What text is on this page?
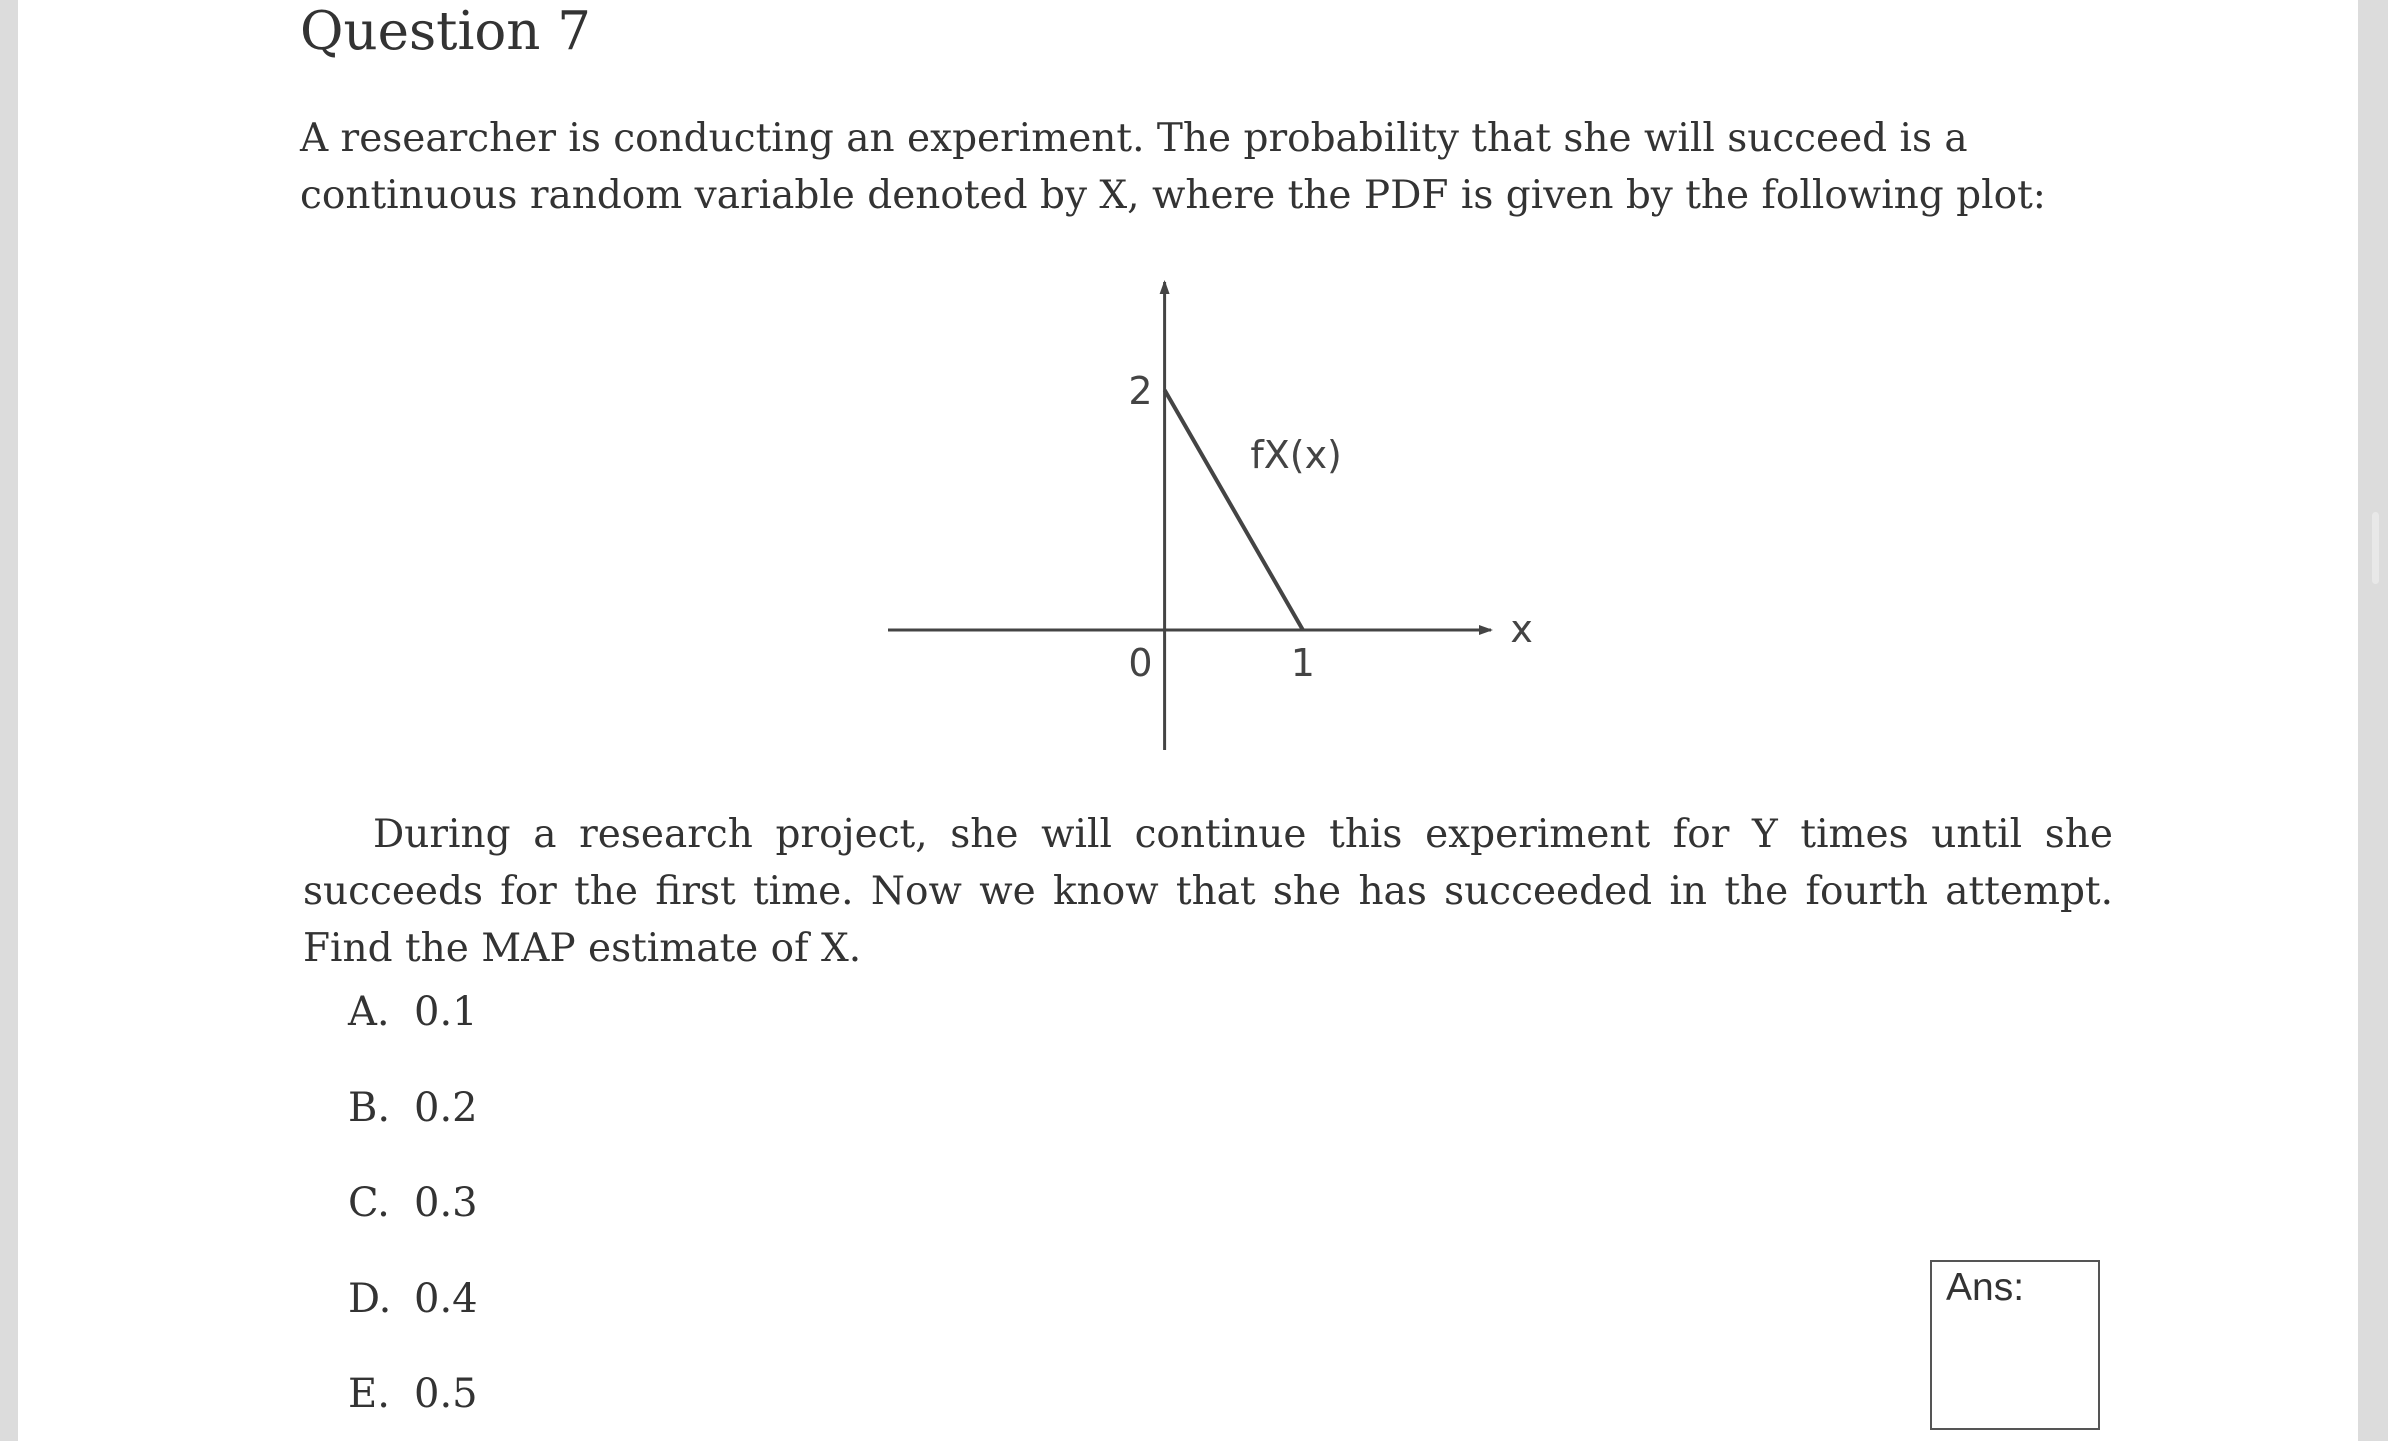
Question 7

A researcher is conducting an experiment. The probability that she will succeed is a continuous random variable denoted by X, where the PDF is given by the following plot:

2
0	1
x
fX(x)

During a research project, she will continue this experiment for Y times until she succeeds for the first time. Now we know that she has succeeded in the fourth attempt. Find the MAP estimate of X.

A. 0.1
B. 0.2
C. 0.3
D. 0.4
E. 0.5
Ans:
